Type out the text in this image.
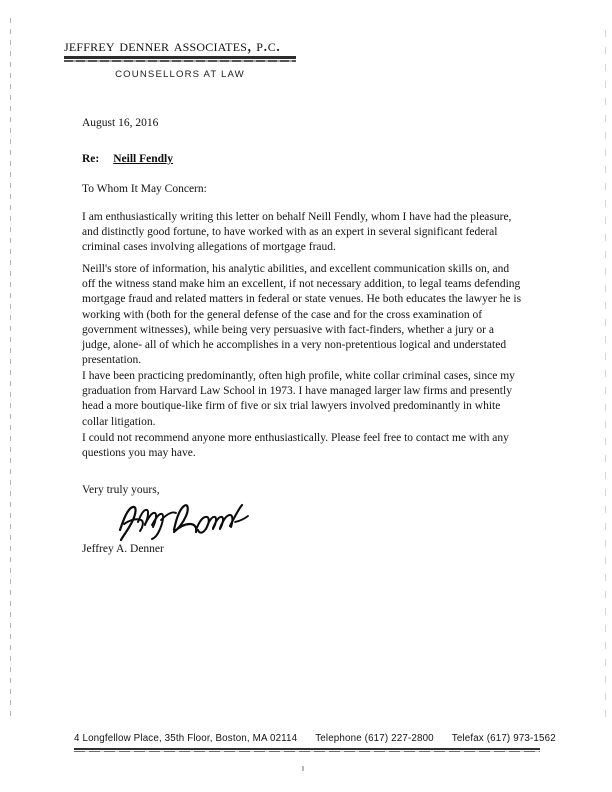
jeffrey denner associates, p.c.
COUNSELLORS AT LAW
August 16, 2016
Re: Neill Fendly
To Whom It May Concern:
I am enthusiastically writing this letter on behalf Neill Fendly, whom I have had the pleasure, and distinctly good fortune, to have worked with as an expert in several significant federal criminal cases involving allegations of mortgage fraud.
Neill's store of information, his analytic abilities, and excellent communication skills on, and off the witness stand make him an excellent, if not necessary addition, to legal teams defending mortgage fraud and related matters in federal or state venues. He both educates the lawyer he is working with (both for the general defense of the case and for the cross examination of government witnesses), while being very persuasive with fact-finders, whether a jury or a judge, alone- all of which he accomplishes in a very non-pretentious logical and understated presentation.
I have been practicing predominantly, often high profile, white collar criminal cases, since my graduation from Harvard Law School in 1973. I have managed larger law firms and presently head a more boutique-like firm of five or six trial lawyers involved predominantly in white collar litigation.
I could not recommend anyone more enthusiastically. Please feel free to contact me with any questions you may have.
Very truly yours,
Jeffrey A. Denner
4 Longfellow Place, 35th Floor, Boston, MA 02114 Telephone (617) 227-2800 Telefax (617) 973-1562
